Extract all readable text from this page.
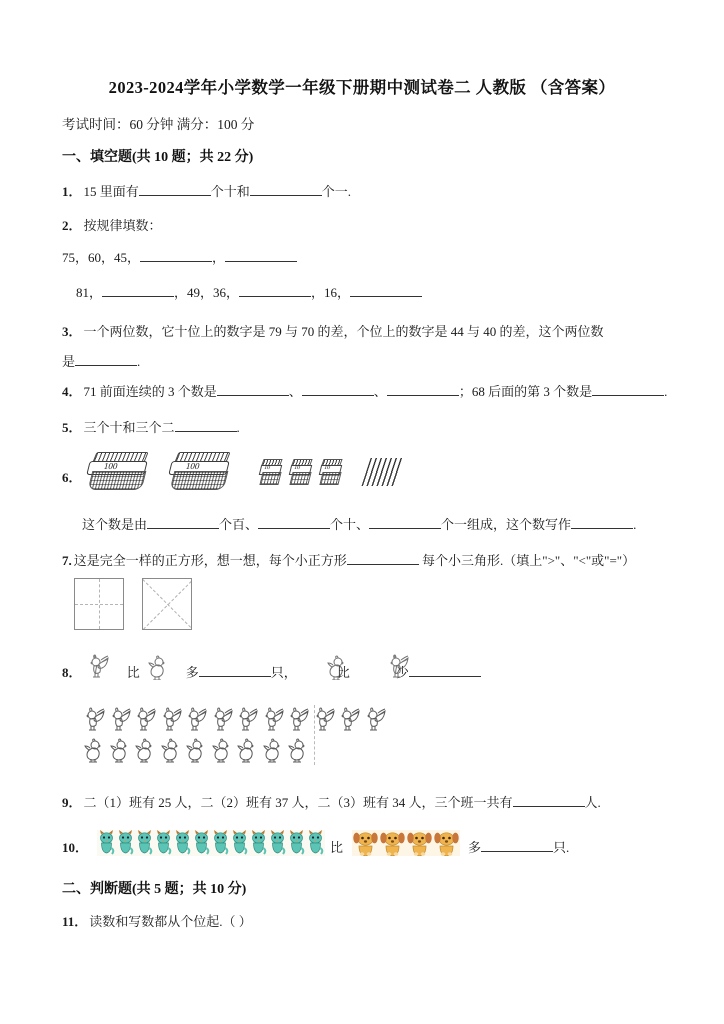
2023-2024学年小学数学一年级下册期中测试卷二 人教版 （含答案）
考试时间：60 分钟 满分：100 分
一、填空题(共 10 题；共 22 分)
1． 15 里面有	个十和	个一.
2． 按规律填数：
75，60，45，	，
81，	，49，36，	，16，
3． 一个两位数，它十位上的数字是 79 与 70 的差，个位上的数字是 44 与 40 的差，这个两位数
是	.
4． 71 前面连续的 3 个数是	、	、	；68 后面的第 3 个数是	.
5． 三个十和三个二	.
6．
100	100	10	10	10
这个数是由	个百、	个十、	个一组成，这个数写作	.
7. 这是完全一样的正方形，想一想，每个小正方形	每个小三角形.（填上">"、"<"或"="）
8．	比	多	只，	比	少
9． 二（1）班有 25 人，二（2）班有 37 人，二（3）班有 34 人，三个班一共有	人.
10．	比	多	只.
二、判断题(共 5 题；共 10 分)
11． 读数和写数都从个位起.（ ）
